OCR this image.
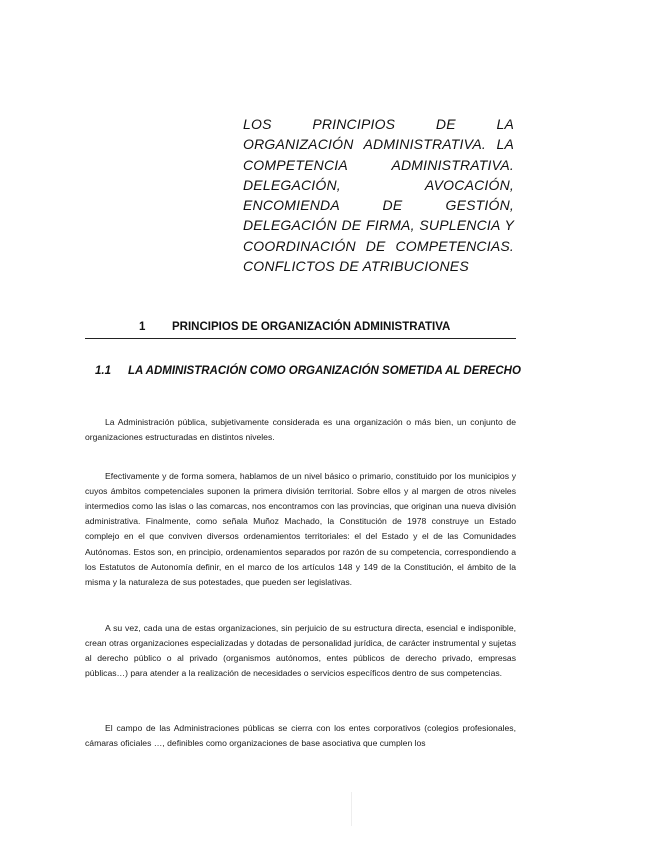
LOS PRINCIPIOS DE LA ORGANIZACIÓN ADMINISTRATIVA. LA COMPETENCIA ADMINISTRATIVA. DELEGACIÓN, AVOCACIÓN, ENCOMIENDA DE GESTIÓN, DELEGACIÓN DE FIRMA, SUPLENCIA Y COORDINACIÓN DE COMPETENCIAS. CONFLICTOS DE ATRIBUCIONES
1 PRINCIPIOS DE ORGANIZACIÓN ADMINISTRATIVA
1.1 LA ADMINISTRACIÓN COMO ORGANIZACIÓN SOMETIDA AL DERECHO

La Administración pública, subjetivamente considerada es una organización o más bien, un conjunto de organizaciones estructuradas en distintos niveles.

Efectivamente y de forma somera, hablamos de un nivel básico o primario, constituido por los municipios y cuyos ámbitos competenciales suponen la primera división territorial. Sobre ellos y al margen de otros niveles intermedios como las islas o las comarcas, nos encontramos con las provincias, que originan una nueva división administrativa. Finalmente, como señala Muñoz Machado, la Constitución de 1978 construye un Estado complejo en el que conviven diversos ordenamientos territoriales: el del Estado y el de las Comunidades Autónomas. Estos son, en principio, ordenamientos separados por razón de su competencia, correspondiendo a los Estatutos de Autonomía definir, en el marco de los artículos 148 y 149 de la Constitución, el ámbito de la misma y la naturaleza de sus potestades, que pueden ser legislativas.

A su vez, cada una de estas organizaciones, sin perjuicio de su estructura directa, esencial e indisponible, crean otras organizaciones especializadas y dotadas de personalidad jurídica, de carácter instrumental y sujetas al derecho público o al privado (organismos autónomos, entes públicos de derecho privado, empresas públicas…) para atender a la realización de necesidades o servicios específicos dentro de sus competencias.

El campo de las Administraciones públicas se cierra con los entes corporativos (colegios profesionales, cámaras oficiales …, definibles como organizaciones de base asociativa que cumplen los
